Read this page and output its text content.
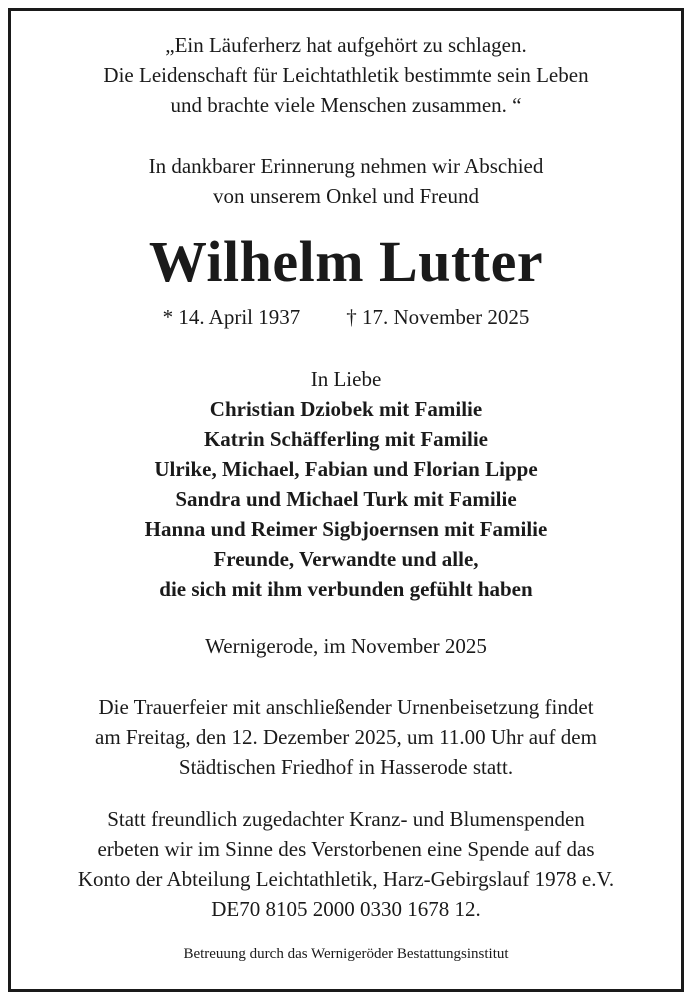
„Ein Läuferherz hat aufgehört zu schlagen.
Die Leidenschaft für Leichtathletik bestimmte sein Leben
und brachte viele Menschen zusammen. “
In dankbarer Erinnerung nehmen wir Abschied
von unserem Onkel und Freund
Wilhelm Lutter
* 14. April 1937 † 17. November 2025
In Liebe
Christian Dziobek mit Familie
Katrin Schäfferling mit Familie
Ulrike, Michael, Fabian und Florian Lippe
Sandra und Michael Turk mit Familie
Hanna und Reimer Sigbjoernsen mit Familie
Freunde, Verwandte und alle,
die sich mit ihm verbunden gefühlt haben
Wernigerode, im November 2025
Die Trauerfeier mit anschließender Urnenbeisetzung findet
am Freitag, den 12. Dezember 2025, um 11.00 Uhr auf dem
Städtischen Friedhof in Hasserode statt.
Statt freundlich zugedachter Kranz- und Blumenspenden
erbeten wir im Sinne des Verstorbenen eine Spende auf das
Konto der Abteilung Leichtathletik, Harz-Gebirgslauf 1978 e.V.
DE70 8105 2000 0330 1678 12.
Betreuung durch das Wernigeröder Bestattungsinstitut
